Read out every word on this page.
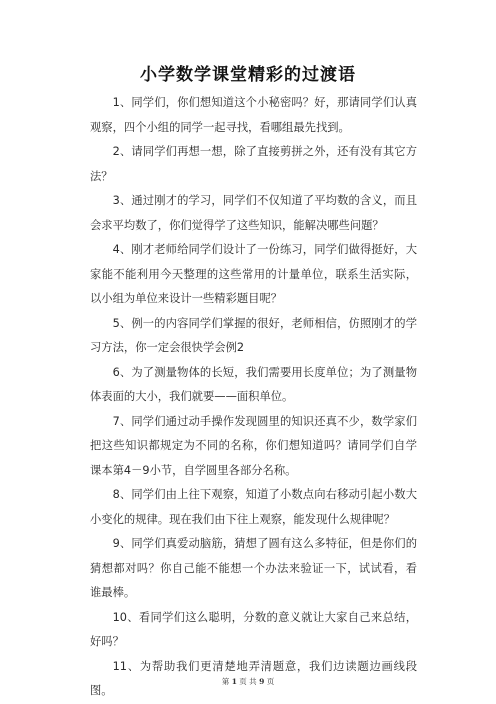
小学数学课堂精彩的过渡语

1、同学们，你们想知道这个小秘密吗？好，那请同学们认真观察，四个小组的同学一起寻找，看哪组最先找到。

2、请同学们再想一想，除了直接剪拼之外，还有没有其它方法？

3、通过刚才的学习，同学们不仅知道了平均数的含义，而且会求平均数了，你们觉得学了这些知识，能解决哪些问题？

4、刚才老师给同学们设计了一份练习，同学们做得挺好，大家能不能利用今天整理的这些常用的计量单位，联系生活实际，以小组为单位来设计一些精彩题目呢？

5、例一的内容同学们掌握的很好，老师相信，仿照刚才的学习方法，你一定会很快学会例2

6、为了测量物体的长短，我们需要用长度单位；为了测量物体表面的大小，我们就要——面积单位。

7、同学们通过动手操作发现圆里的知识还真不少，数学家们把这些知识都规定为不同的名称，你们想知道吗？请同学们自学课本第4－9小节，自学圆里各部分名称。

8、同学们由上往下观察，知道了小数点向右移动引起小数大小变化的规律。现在我们由下往上观察，能发现什么规律呢？

9、同学们真爱动脑筋，猜想了圆有这么多特征，但是你们的猜想都对吗？你自己能不能想一个办法来验证一下，试试看，看谁最棒。

10、看同学们这么聪明，分数的意义就让大家自己来总结，好吗？

11、为帮助我们更清楚地弄清题意，我们边读题边画线段图。

第 1 页 共 9 页
